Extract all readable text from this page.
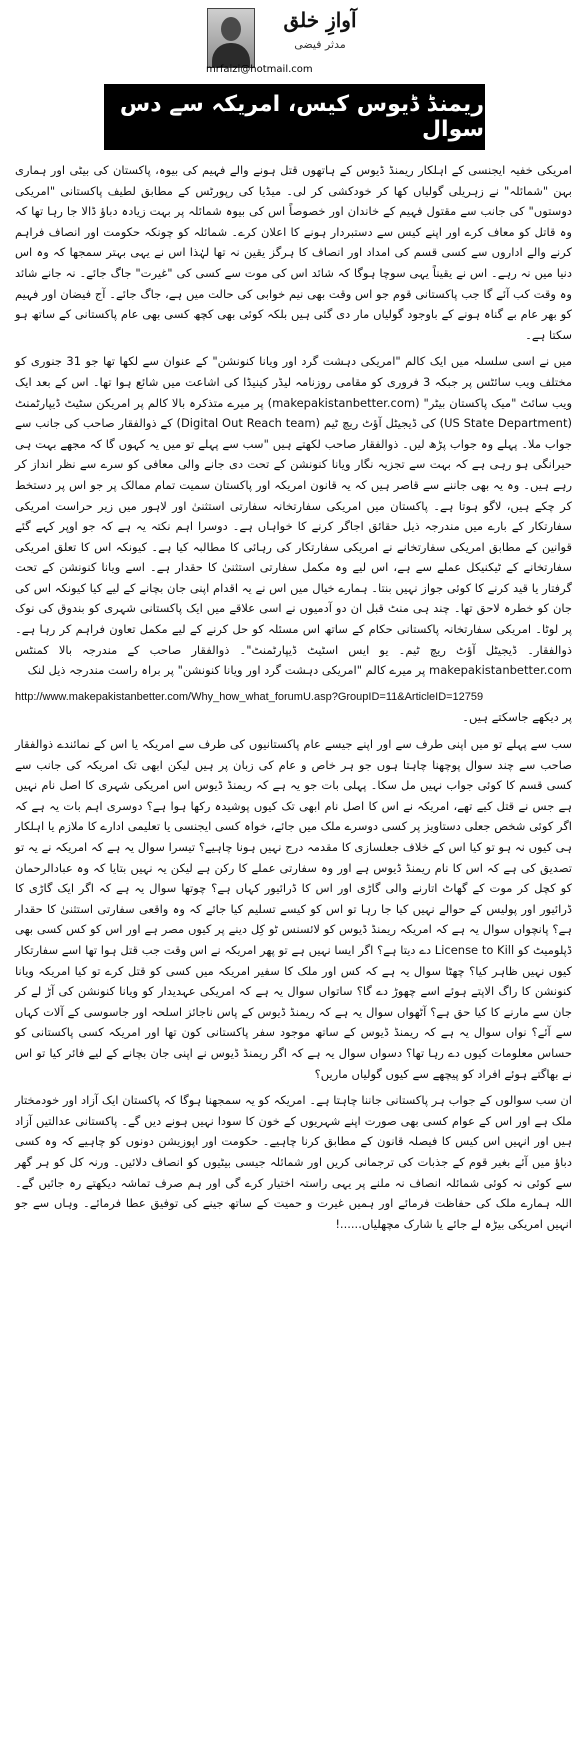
آوازِ خلق
مدثر فیضی
mrfaizi@hotmail.com
ریمنڈ ڈیوس کیس، امریکہ سے دس سوال

امریکی خفیہ ایجنسی کے اہلکار ریمنڈ ڈیوس کے ہاتھوں قتل ہونے والے فہیم کی بیوہ، پاکستان کی بیٹی اور ہماری بہن "شمائلہ" نے زہریلی گولیاں کھا کر خودکشی کر لی۔ میڈیا کی رپورٹس کے مطابق لطیف پاکستانی "امریکی دوستوں" کی جانب سے مقتول فہیم کے خاندان اور خصوصاً اس کی بیوہ شمائلہ پر بہت زیادہ دباؤ ڈالا جا رہا تھا کہ وہ قاتل کو معاف کرے اور اپنے کیس سے دستبردار ہونے کا اعلان کرے۔ شمائلہ کو چونکہ حکومت اور انصاف فراہم کرنے والے اداروں سے کسی قسم کی امداد اور انصاف کا ہرگز یقین نہ تھا لہٰذا اس نے یہی بہتر سمجھا کہ وہ اس دنیا میں نہ رہے۔ اس نے یقیناً یہی سوچا ہوگا کہ شائد اس کی موت سے کسی کی "غیرت" جاگ جائے۔ نہ جانے شائد وہ وقت کب آئے گا جب پاکستانی قوم جو اس وقت بھی نیم خوابی کی حالت میں ہے، جاگ جائے۔ آج فیضان اور فہیم کو بھر عام بے گناہ ہونے کے باوجود گولیاں مار دی گئی ہیں بلکہ کوئی بھی کچھ کسی بھی عام پاکستانی کے ساتھ ہو سکتا ہے۔

میں نے اسی سلسلہ میں ایک کالم "امریکی دہشت گرد اور ویانا کنونشن" کے عنوان سے لکھا تھا جو 31 جنوری کو مختلف ویب سائٹس پر جبکہ 3 فروری کو مقامی روزنامہ لیڈر کینیڈا کی اشاعت میں شائع ہوا تھا۔ اس کے بعد ایک ویب سائٹ "میک پاکستان بیٹر" (makepakistanbetter.com) پر میرے متذکرہ بالا کالم پر امریکن سٹیٹ ڈیپارٹمنٹ (US State Department) کی ڈیجیٹل آؤٹ ریچ ٹیم (Digital Out Reach team) کے ذوالفقار صاحب کی جانب سے جواب ملا۔ پہلے وہ جواب پڑھ لیں۔ ذوالفقار صاحب لکھتے ہیں "سب سے پہلے تو میں یہ کہوں گا کہ مجھے بہت ہی حیرانگی ہو رہی ہے کہ بہت سے تجزیہ نگار ویانا کنونشن کے تحت دی جانے والی معافی کو سرے سے نظر انداز کر رہے ہیں۔ وہ یہ بھی جاننے سے قاصر ہیں کہ یہ قانون امریکہ اور پاکستان سمیت تمام ممالک پر جو اس پر دستخط کر چکے ہیں، لاگو ہوتا ہے۔ پاکستان میں امریکی سفارتخانہ سفارتی استثنیٰ اور لاہور میں زیر حراست امریکی سفارتکار کے بارے میں مندرجہ ذیل حقائق اجاگر کرنے کا خواہاں ہے۔ دوسرا اہم نکتہ یہ ہے کہ جو اوپر کہے گئے قوانین کے مطابق امریکی سفارتخانے نے امریکی سفارتکار کی رہائی کا مطالبہ کیا ہے۔ کیونکہ اس کا تعلق امریکی سفارتخانے کے ٹیکنیکل عملے سے ہے، اس لیے وہ مکمل سفارتی استثنیٰ کا حقدار ہے۔ اسے ویانا کنونشن کے تحت گرفتار یا قید کرنے کا کوئی جواز نہیں بنتا۔ ہمارے خیال میں اس نے یہ اقدام اپنی جان بچانے کے لیے کیا کیونکہ اس کی جان کو خطرہ لاحق تھا۔ چند ہی منٹ قبل ان دو آدمیوں نے اسی علاقے میں ایک پاکستانی شہری کو بندوق کی نوک پر لوٹا۔ امریکی سفارتخانہ پاکستانی حکام کے ساتھ اس مسئلہ کو حل کرنے کے لیے مکمل تعاون فراہم کر رہا ہے۔ ذوالفقار۔ ڈیجیٹل آؤٹ ریچ ٹیم۔ یو ایس اسٹیٹ ڈیپارٹمنٹ"۔ ذوالفقار صاحب کے مندرجہ بالا کمنٹس makepakistanbetter.com پر میرے کالم "امریکی دہشت گرد اور ویانا کنونشن" پر براہ راست مندرجہ ذیل لنک

http://www.makepakistanbetter.com/Why_how_what_forumU.asp?GroupID=11&ArticleID=12759

پر دیکھے جاسکتے ہیں۔

سب سے پہلے تو میں اپنی طرف سے اور اپنے جیسے عام پاکستانیوں کی طرف سے امریکہ یا اس کے نمائندے ذوالفقار صاحب سے چند سوال پوچھنا چاہتا ہوں جو ہر خاص و عام کی زبان پر ہیں لیکن ابھی تک امریکہ کی جانب سے کسی قسم کا کوئی جواب نہیں مل سکا۔ پہلی بات جو یہ ہے کہ ریمنڈ ڈیوس اس امریکی شہری کا اصل نام نہیں ہے جس نے قتل کیے تھے، امریکہ نے اس کا اصل نام ابھی تک کیوں پوشیدہ رکھا ہوا ہے؟ دوسری اہم بات یہ ہے کہ اگر کوئی شخص جعلی دستاویز پر کسی دوسرے ملک میں جائے، خواہ کسی ایجنسی یا تعلیمی ادارے کا ملازم یا اہلکار ہی کیوں نہ ہو تو کیا اس کے خلاف جعلسازی کا مقدمہ درج نہیں ہونا چاہیے؟ تیسرا سوال یہ ہے کہ امریکہ نے یہ تو تصدیق کی ہے کہ اس کا نام ریمنڈ ڈیوس ہے اور وہ سفارتی عملے کا رکن ہے لیکن یہ نہیں بتایا کہ وہ عبادالرحمان کو کچل کر موت کے گھاٹ اتارنے والی گاڑی اور اس کا ڈرائیور کہاں ہے؟ چوتھا سوال یہ ہے کہ اگر ایک گاڑی کا ڈرائیور اور پولیس کے حوالے نہیں کیا جا رہا تو اس کو کیسے تسلیم کیا جائے کہ وہ واقعی سفارتی استثنیٰ کا حقدار ہے؟ پانچواں سوال یہ ہے کہ امریکہ ریمنڈ ڈیوس کو لائسنس ٹو کِل دینے پر کیوں مصر ہے اور اس کو کس کسی بھی ڈپلومیٹ کو License to Kill دے دیتا ہے؟ اگر ایسا نہیں ہے تو پھر امریکہ نے اس وقت جب قتل ہوا تھا اسے سفارتکار کیوں نہیں ظاہر کیا؟ چھٹا سوال یہ ہے کہ کس اور ملک کا سفیر امریکہ میں کسی کو قتل کرے تو کیا امریکہ ویانا کنونشن کا راگ الاپتے ہوئے اسے چھوڑ دے گا؟ ساتواں سوال یہ ہے کہ امریکی عہدیدار کو ویانا کنونشن کی آڑ لے کر جان سے مارنے کا کیا حق ہے؟ آٹھواں سوال یہ ہے کہ ریمنڈ ڈیوس کے پاس ناجائز اسلحہ اور جاسوسی کے آلات کہاں سے آئے؟ نواں سوال یہ ہے کہ ریمنڈ ڈیوس کے ساتھ موجود سفر پاکستانی کون تھا اور امریکہ کسی پاکستانی کو حساس معلومات کیوں دے رہا تھا؟ دسواں سوال یہ ہے کہ اگر ریمنڈ ڈیوس نے اپنی جان بچانے کے لیے فائر کیا تو اس نے بھاگتے ہوئے افراد کو پیچھے سے کیوں گولیاں ماریں؟

ان سب سوالوں کے جواب ہر پاکستانی جاننا چاہتا ہے۔ امریکہ کو یہ سمجھنا ہوگا کہ پاکستان ایک آزاد اور خودمختار ملک ہے اور اس کے عوام کسی بھی صورت اپنے شہریوں کے خون کا سودا نہیں ہونے دیں گے۔ پاکستانی عدالتیں آزاد ہیں اور انہیں اس کیس کا فیصلہ قانون کے مطابق کرنا چاہیے۔ حکومت اور اپوزیشن دونوں کو چاہیے کہ وہ کسی دباؤ میں آئے بغیر قوم کے جذبات کی ترجمانی کریں اور شمائلہ جیسی بیٹیوں کو انصاف دلائیں۔ ورنہ کل کو ہر گھر سے کوئی نہ کوئی شمائلہ انصاف نہ ملنے پر یہی راستہ اختیار کرے گی اور ہم صرف تماشہ دیکھتے رہ جائیں گے۔ اللہ ہمارے ملک کی حفاظت فرمائے اور ہمیں غیرت و حمیت کے ساتھ جینے کی توفیق عطا فرمائے۔ وہاں سے جو انہیں امریکی بیڑہ لے جائے یا شارک مچھلیاں......!
